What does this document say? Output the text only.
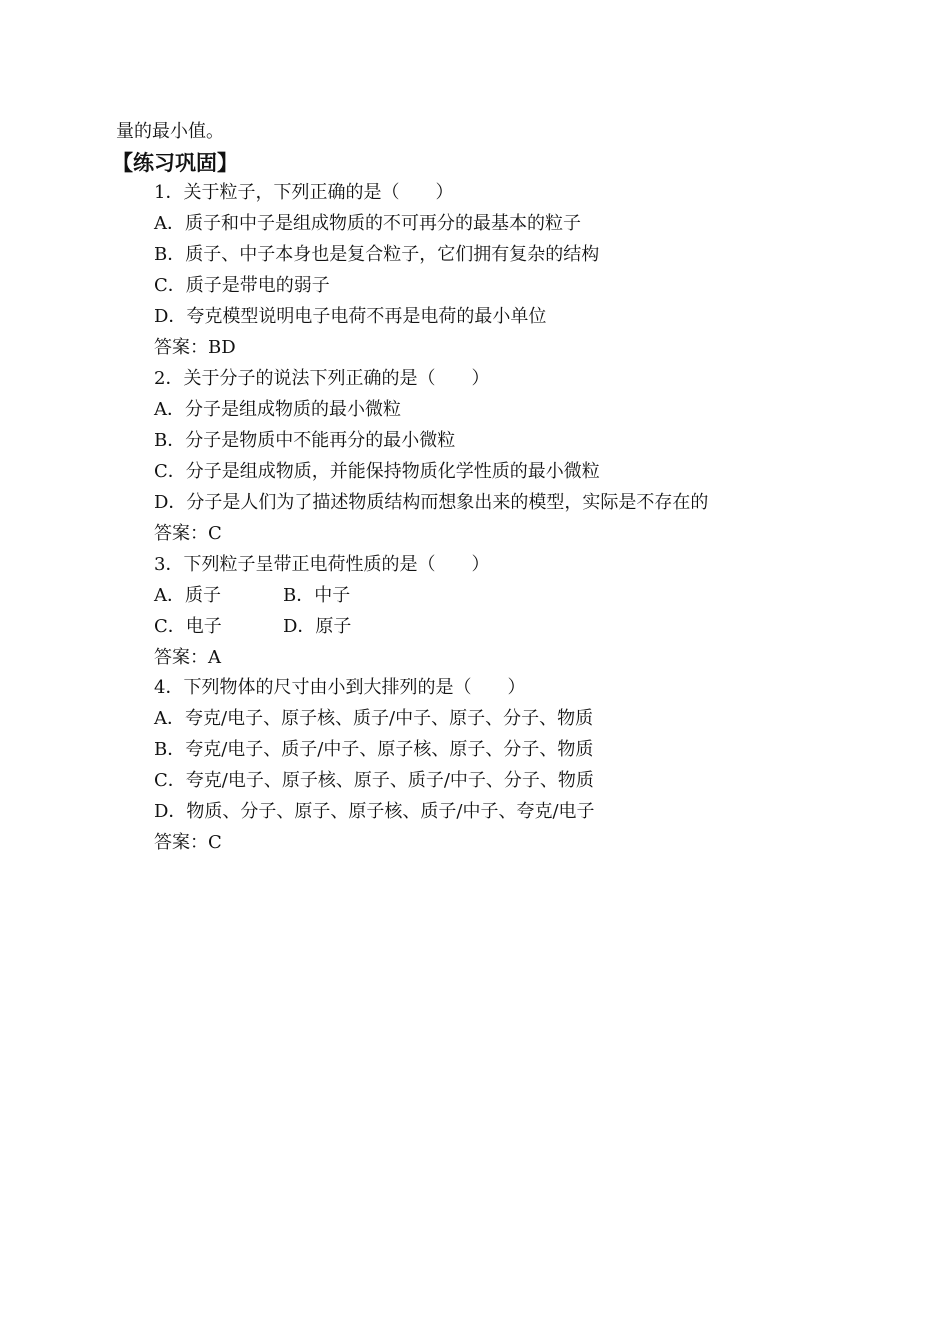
量的最小值。
【练习巩固】
1．关于粒子，下列正确的是（　　）
A．质子和中子是组成物质的不可再分的最基本的粒子
B．质子、中子本身也是复合粒子，它们拥有复杂的结构
C．质子是带电的弱子
D．夸克模型说明电子电荷不再是电荷的最小单位
答案：BD
2．关于分子的说法下列正确的是（　　）
A．分子是组成物质的最小微粒
B．分子是物质中不能再分的最小微粒
C．分子是组成物质，并能保持物质化学性质的最小微粒
D．分子是人们为了描述物质结构而想象出来的模型，实际是不存在的
答案：C
3．下列粒子呈带正电荷性质的是（　　）
A．质子	B．中子
C．电子	D．原子
答案：A
4．下列物体的尺寸由小到大排列的是（　　）
A．夸克/电子、原子核、质子/中子、原子、分子、物质
B．夸克/电子、质子/中子、原子核、原子、分子、物质
C．夸克/电子、原子核、原子、质子/中子、分子、物质
D．物质、分子、原子、原子核、质子/中子、夸克/电子
答案：C
